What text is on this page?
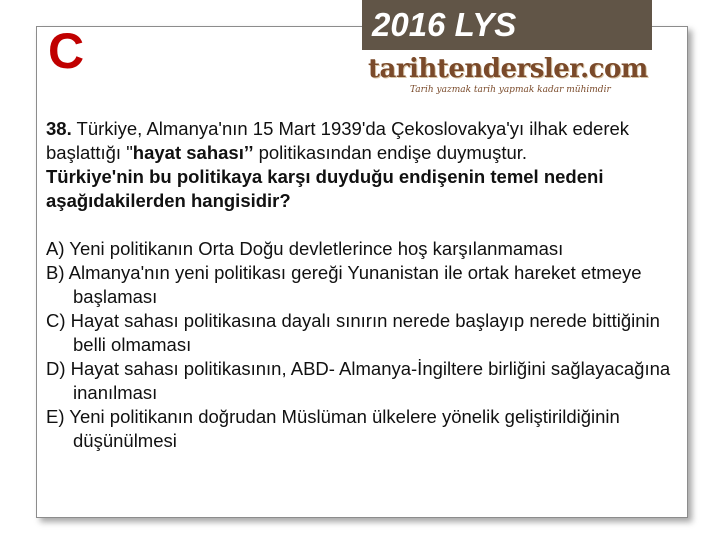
C	2016 LYS
tarihtendersler.com
Tarih yazmak tarih yapmak kadar mühimdir

38. Türkiye, Almanya'nın 15 Mart 1939'da Çekoslovakya'yı ilhak ederek başlattığı "hayat sahası’’ politikasından endişe duymuştur.

Türkiye'nin bu politikaya karşı duyduğu endişenin temel nedeni aşağıdakilerden hangisidir?

A) Yeni politikanın Orta Doğu devletlerince hoş karşılanmaması
B) Almanya'nın yeni politikası gereği Yunanistan ile ortak hareket etmeye başlaması
C) Hayat sahası politikasına dayalı sınırın nerede başlayıp nerede bittiğinin belli olmaması
D) Hayat sahası politikasının, ABD- Almanya-İngiltere birliğini sağlayacağına inanılması
E) Yeni politikanın doğrudan Müslüman ülkelere yönelik geliştirildiğinin düşünülmesi
